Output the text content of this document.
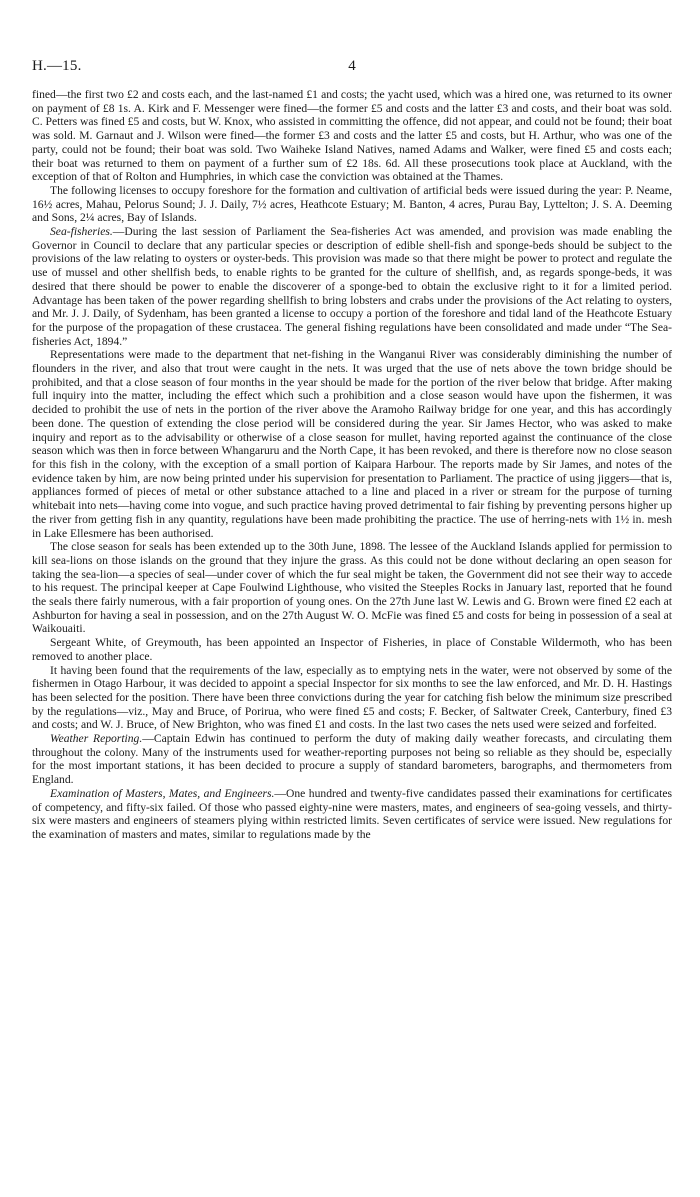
H.—15.	4

fined—the first two £2 and costs each, and the last-named £1 and costs; the yacht used, which was a hired one, was returned to its owner on payment of £8 1s. A. Kirk and F. Messenger were fined—the former £5 and costs and the latter £3 and costs, and their boat was sold. C. Petters was fined £5 and costs, but W. Knox, who assisted in committing the offence, did not appear, and could not be found; their boat was sold. M. Garnaut and J. Wilson were fined—the former £3 and costs and the latter £5 and costs, but H. Arthur, who was one of the party, could not be found; their boat was sold. Two Waiheke Island Natives, named Adams and Walker, were fined £5 and costs each; their boat was returned to them on payment of a further sum of £2 18s. 6d. All these prosecutions took place at Auckland, with the exception of that of Rolton and Humphries, in which case the conviction was obtained at the Thames.

The following licenses to occupy foreshore for the formation and cultivation of artificial beds were issued during the year: P. Neame, 16½ acres, Mahau, Pelorus Sound; J. J. Daily, 7½ acres, Heathcote Estuary; M. Banton, 4 acres, Purau Bay, Lyttelton; J. S. A. Deeming and Sons, 2¼ acres, Bay of Islands.

Sea-fisheries.—During the last session of Parliament the Sea-fisheries Act was amended, and provision was made enabling the Governor in Council to declare that any particular species or description of edible shell-fish and sponge-beds should be subject to the provisions of the law relating to oysters or oyster-beds. This provision was made so that there might be power to protect and regulate the use of mussel and other shellfish beds, to enable rights to be granted for the culture of shellfish, and, as regards sponge-beds, it was desired that there should be power to enable the discoverer of a sponge-bed to obtain the exclusive right to it for a limited period. Advantage has been taken of the power regarding shellfish to bring lobsters and crabs under the provisions of the Act relating to oysters, and Mr. J. J. Daily, of Sydenham, has been granted a license to occupy a portion of the foreshore and tidal land of the Heathcote Estuary for the purpose of the propagation of these crustacea. The general fishing regulations have been consolidated and made under “The Sea-fisheries Act, 1894.”

Representations were made to the department that net-fishing in the Wanganui River was considerably diminishing the number of flounders in the river, and also that trout were caught in the nets. It was urged that the use of nets above the town bridge should be prohibited, and that a close season of four months in the year should be made for the portion of the river below that bridge. After making full inquiry into the matter, including the effect which such a prohibition and a close season would have upon the fishermen, it was decided to prohibit the use of nets in the portion of the river above the Aramoho Railway bridge for one year, and this has accordingly been done. The question of extending the close period will be considered during the year. Sir James Hector, who was asked to make inquiry and report as to the advisability or otherwise of a close season for mullet, having reported against the continuance of the close season which was then in force between Whangaruru and the North Cape, it has been revoked, and there is therefore now no close season for this fish in the colony, with the exception of a small portion of Kaipara Harbour. The reports made by Sir James, and notes of the evidence taken by him, are now being printed under his supervision for presentation to Parliament. The practice of using jiggers—that is, appliances formed of pieces of metal or other substance attached to a line and placed in a river or stream for the purpose of turning whitebait into nets—having come into vogue, and such practice having proved detrimental to fair fishing by preventing persons higher up the river from getting fish in any quantity, regulations have been made prohibiting the practice. The use of herring-nets with 1½ in. mesh in Lake Ellesmere has been authorised.

The close season for seals has been extended up to the 30th June, 1898. The lessee of the Auckland Islands applied for permission to kill sea-lions on those islands on the ground that they injure the grass. As this could not be done without declaring an open season for taking the sea-lion—a species of seal—under cover of which the fur seal might be taken, the Government did not see their way to accede to his request. The principal keeper at Cape Foulwind Lighthouse, who visited the Steeples Rocks in January last, reported that he found the seals there fairly numerous, with a fair proportion of young ones. On the 27th June last W. Lewis and G. Brown were fined £2 each at Ashburton for having a seal in possession, and on the 27th August W. O. McFie was fined £5 and costs for being in possession of a seal at Waikouaiti.

Sergeant White, of Greymouth, has been appointed an Inspector of Fisheries, in place of Constable Wildermoth, who has been removed to another place.

It having been found that the requirements of the law, especially as to emptying nets in the water, were not observed by some of the fishermen in Otago Harbour, it was decided to appoint a special Inspector for six months to see the law enforced, and Mr. D. H. Hastings has been selected for the position. There have been three convictions during the year for catching fish below the minimum size prescribed by the regulations—viz., May and Bruce, of Porirua, who were fined £5 and costs; F. Becker, of Saltwater Creek, Canterbury, fined £3 and costs; and W. J. Bruce, of New Brighton, who was fined £1 and costs. In the last two cases the nets used were seized and forfeited.

Weather Reporting.—Captain Edwin has continued to perform the duty of making daily weather forecasts, and circulating them throughout the colony. Many of the instruments used for weather-reporting purposes not being so reliable as they should be, especially for the most important stations, it has been decided to procure a supply of standard barometers, barographs, and thermometers from England.

Examination of Masters, Mates, and Engineers.—One hundred and twenty-five candidates passed their examinations for certificates of competency, and fifty-six failed. Of those who passed eighty-nine were masters, mates, and engineers of sea-going vessels, and thirty-six were masters and engineers of steamers plying within restricted limits. Seven certificates of service were issued. New regulations for the examination of masters and mates, similar to regulations made by the
